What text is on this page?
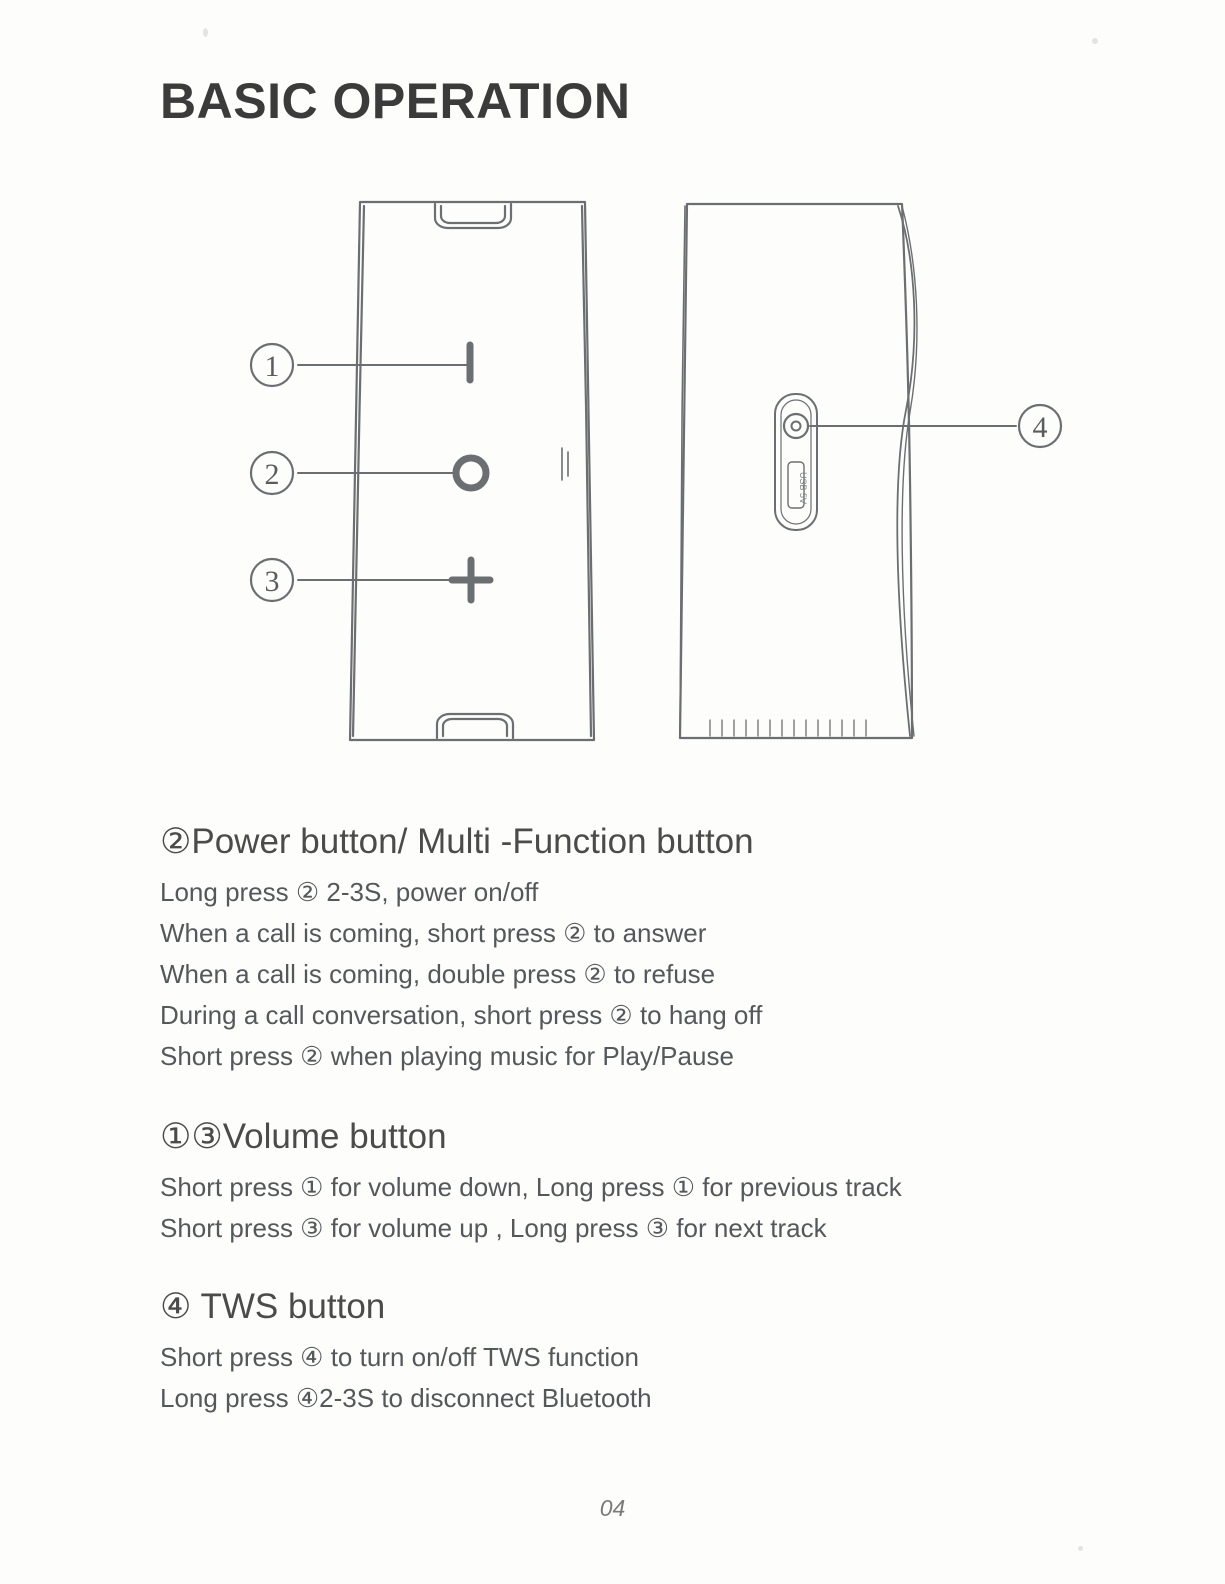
BASIC OPERATION
USB 5V
1
2
3
4
②Power button/ Multi -Function button
Long press ② 2-3S, power on/off
When a call is coming, short press ② to answer
When a call is coming, double press ② to refuse
During a call conversation, short press ② to hang off
Short press ② when playing music for Play/Pause
①③Volume button
Short press ① for volume down, Long press ① for previous track
Short press ③ for volume up , Long press ③ for next track
④ TWS button
Short press ④ to turn on/off TWS function
Long press ④2-3S to disconnect Bluetooth
04
